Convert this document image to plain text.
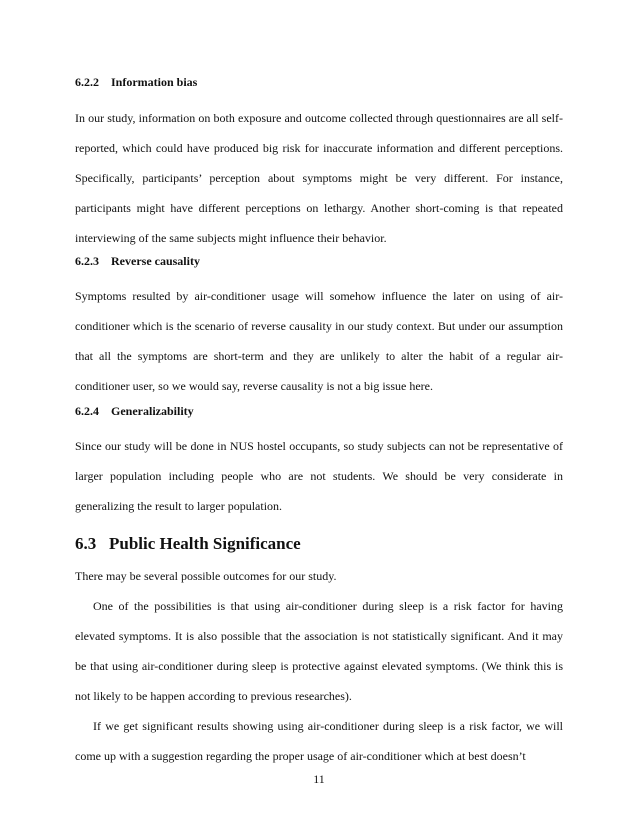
6.2.2 Information bias
In our study, information on both exposure and outcome collected through questionnaires are all self-reported, which could have produced big risk for inaccurate information and different perceptions. Specifically, participants’ perception about symptoms might be very different. For instance, participants might have different perceptions on lethargy. Another short-coming is that repeated interviewing of the same subjects might influence their behavior.
6.2.3 Reverse causality
Symptoms resulted by air-conditioner usage will somehow influence the later on using of air-conditioner which is the scenario of reverse causality in our study context. But under our assumption that all the symptoms are short-term and they are unlikely to alter the habit of a regular air-conditioner user, so we would say, reverse causality is not a big issue here.
6.2.4 Generalizability
Since our study will be done in NUS hostel occupants, so study subjects can not be representative of larger population including people who are not students. We should be very considerate in generalizing the result to larger population.
6.3 Public Health Significance
There may be several possible outcomes for our study.
One of the possibilities is that using air-conditioner during sleep is a risk factor for having elevated symptoms. It is also possible that the association is not statistically significant. And it may be that using air-conditioner during sleep is protective against elevated symptoms. (We think this is not likely to be happen according to previous researches).
If we get significant results showing using air-conditioner during sleep is a risk factor, we will come up with a suggestion regarding the proper usage of air-conditioner which at best doesn’t
11
